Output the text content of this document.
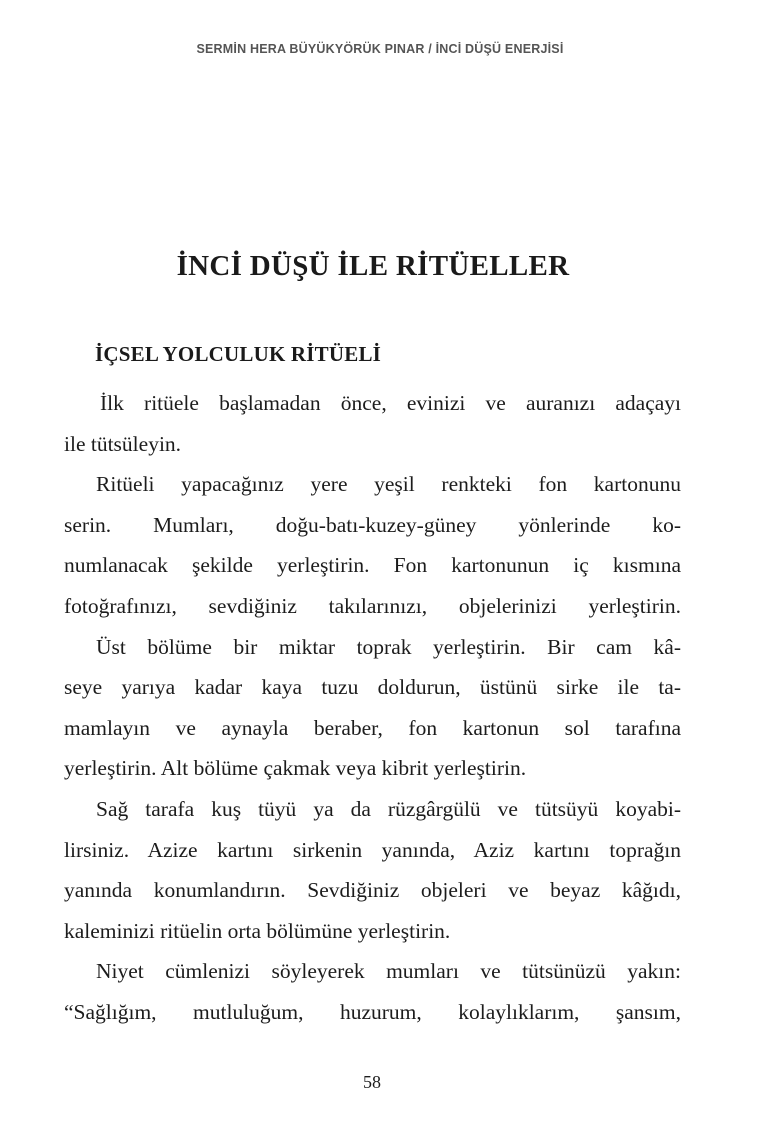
SERMİN HERA BÜYÜKYÖRÜK PINAR / İNCİ DÜŞÜ ENERJİSİ
İNCİ DÜŞÜ İLE RİTÜELLER
İÇSEL YOLCULUK RİTÜELİ

İlk ritüele başlamadan önce, evinizi ve auranızı adaçayı
ile tütsüleyin.

Ritüeli yapacağınız yere yeşil renkteki fon kartonunu
serin. Mumları, doğu-batı-kuzey-güney yönlerinde ko-
numlanacak şekilde yerleştirin. Fon kartonunun iç kısmına
fotoğrafınızı, sevdiğiniz takılarınızı, objelerinizi yerleştirin.

Üst bölüme bir miktar toprak yerleştirin. Bir cam kâ-
seye yarıya kadar kaya tuzu doldurun, üstünü sirke ile ta-
mamlayın ve aynayla beraber, fon kartonun sol tarafına
yerleştirin. Alt bölüme çakmak veya kibrit yerleştirin.

Sağ tarafa kuş tüyü ya da rüzgârgülü ve tütsüyü koyabi-
lirsiniz. Azize kartını sirkenin yanında, Aziz kartını toprağın
yanında konumlandırın. Sevdiğiniz objeleri ve beyaz kâğıdı,
kaleminizi ritüelin orta bölümüne yerleştirin.

Niyet cümlenizi söyleyerek mumları ve tütsünüzü yakın:
“Sağlığım, mutluluğum, huzurum, kolaylıklarım, şansım,

58
